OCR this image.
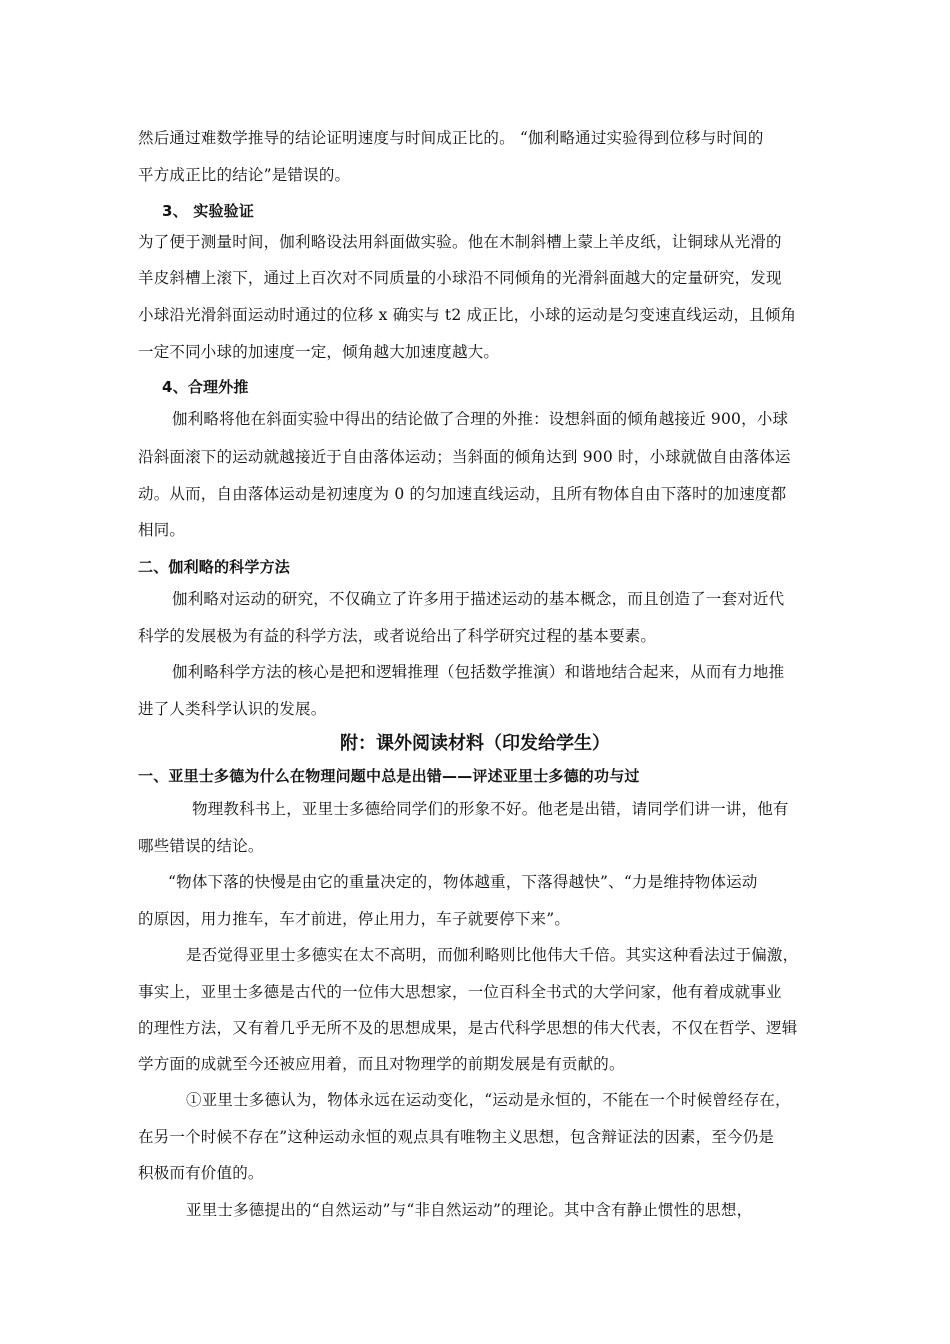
然后通过难数学推导的结论证明速度与时间成正比的。 “伽利略通过实验得到位移与时间的
平方成正比的结论”是错误的。
3、 实验验证
为了便于测量时间，伽利略设法用斜面做实验。他在木制斜槽上蒙上羊皮纸，让铜球从光滑的
羊皮斜槽上滚下，通过上百次对不同质量的小球沿不同倾角的光滑斜面越大的定量研究，发现
小球沿光滑斜面运动时通过的位移 x 确实与 t2 成正比，小球的运动是匀变速直线运动，且倾角
一定不同小球的加速度一定，倾角越大加速度越大。
4、合理外推
伽利略将他在斜面实验中得出的结论做了合理的外推：设想斜面的倾角越接近 900，小球
沿斜面滚下的运动就越接近于自由落体运动；当斜面的倾角达到 900 时，小球就做自由落体运
动。从而，自由落体运动是初速度为 0 的匀加速直线运动，且所有物体自由下落时的加速度都
相同。
二、伽利略的科学方法
伽利略对运动的研究，不仅确立了许多用于描述运动的基本概念，而且创造了一套对近代
科学的发展极为有益的科学方法，或者说给出了科学研究过程的基本要素。
伽利略科学方法的核心是把和逻辑推理（包括数学推演）和谐地结合起来，从而有力地推
进了人类科学认识的发展。
附：课外阅读材料（印发给学生）
一、亚里士多德为什么在物理问题中总是出错——评述亚里士多德的功与过
物理教科书上，亚里士多德给同学们的形象不好。他老是出错，请同学们讲一讲，他有
哪些错误的结论。
“物体下落的快慢是由它的重量决定的，物体越重，下落得越快”、“力是维持物体运动
的原因，用力推车，车才前进，停止用力，车子就要停下来”。
是否觉得亚里士多德实在太不高明，而伽利略则比他伟大千倍。其实这种看法过于偏激，
事实上，亚里士多德是古代的一位伟大思想家，一位百科全书式的大学问家，他有着成就事业
的理性方法，又有着几乎无所不及的思想成果，是古代科学思想的伟大代表，不仅在哲学、逻辑
学方面的成就至今还被应用着，而且对物理学的前期发展是有贡献的。
①亚里士多德认为，物体永远在运动变化，“运动是永恒的，不能在一个时候曾经存在，
在另一个时候不存在”这种运动永恒的观点具有唯物主义思想，包含辩证法的因素，至今仍是
积极而有价值的。
亚里士多德提出的“自然运动”与“非自然运动”的理论。其中含有静止惯性的思想，
